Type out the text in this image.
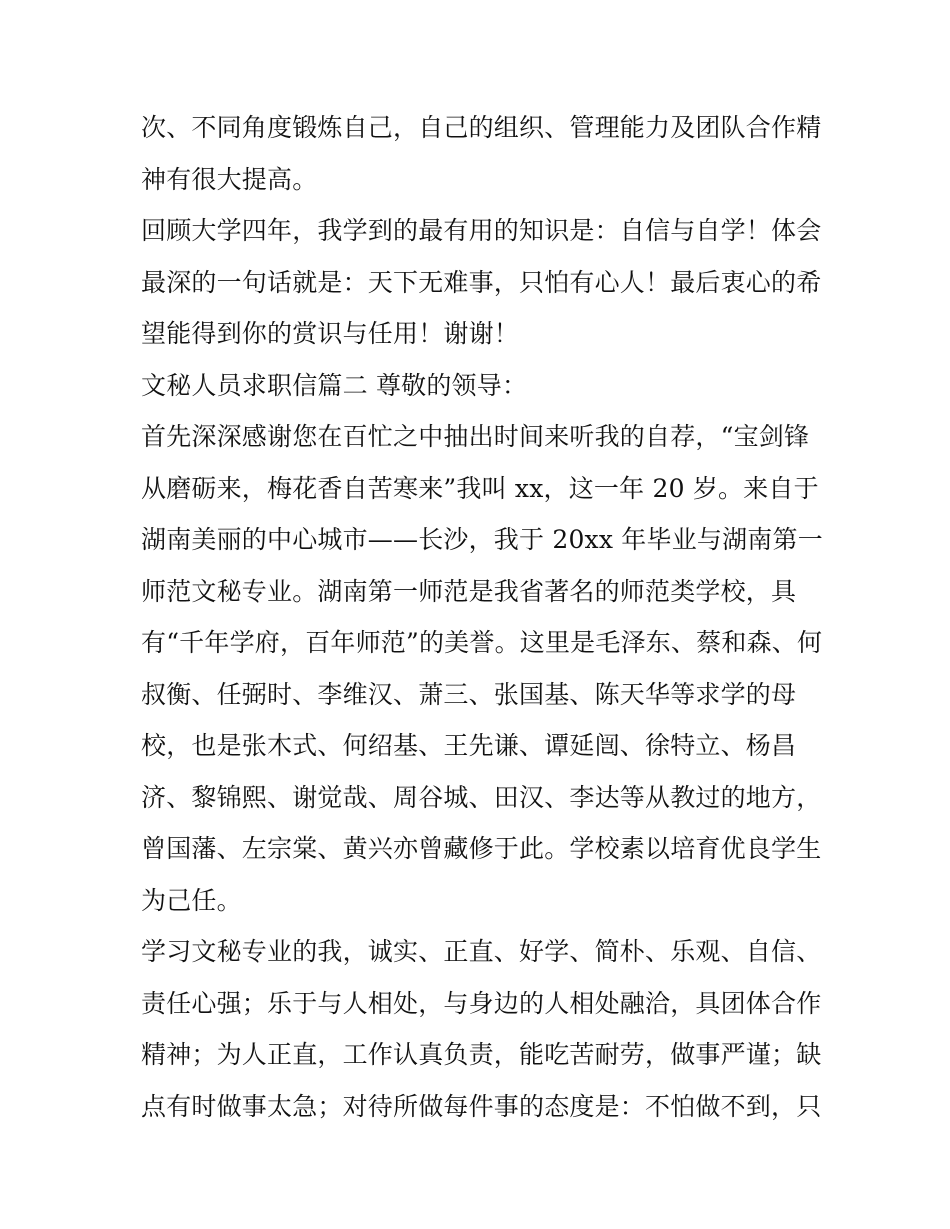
次、不同角度锻炼自己，自己的组织、管理能力及团队合作精
神有很大提高。
回顾大学四年，我学到的最有用的知识是：自信与自学！体会
最深的一句话就是：天下无难事，只怕有心人！最后衷心的希
望能得到你的赏识与任用！谢谢！
文秘人员求职信篇二 尊敬的领导：
首先深深感谢您在百忙之中抽出时间来听我的自荐，“宝剑锋
从磨砺来，梅花香自苦寒来”我叫 xx，这一年 20 岁。来自于
湖南美丽的中心城市——长沙，我于 20xx 年毕业与湖南第一
师范文秘专业。湖南第一师范是我省著名的师范类学校，具
有“千年学府，百年师范”的美誉。这里是毛泽东、蔡和森、何
叔衡、任弼时、李维汉、萧三、张国基、陈天华等求学的母
校，也是张木式、何绍基、王先谦、谭延闿、徐特立、杨昌
济、黎锦熙、谢觉哉、周谷城、田汉、李达等从教过的地方，
曾国藩、左宗棠、黄兴亦曾藏修于此。学校素以培育优良学生
为己任。
学习文秘专业的我，诚实、正直、好学、简朴、乐观、自信、
责任心强；乐于与人相处，与身边的人相处融洽，具团体合作
精神；为人正直，工作认真负责，能吃苦耐劳，做事严谨；缺
点有时做事太急；对待所做每件事的态度是：不怕做不到，只
